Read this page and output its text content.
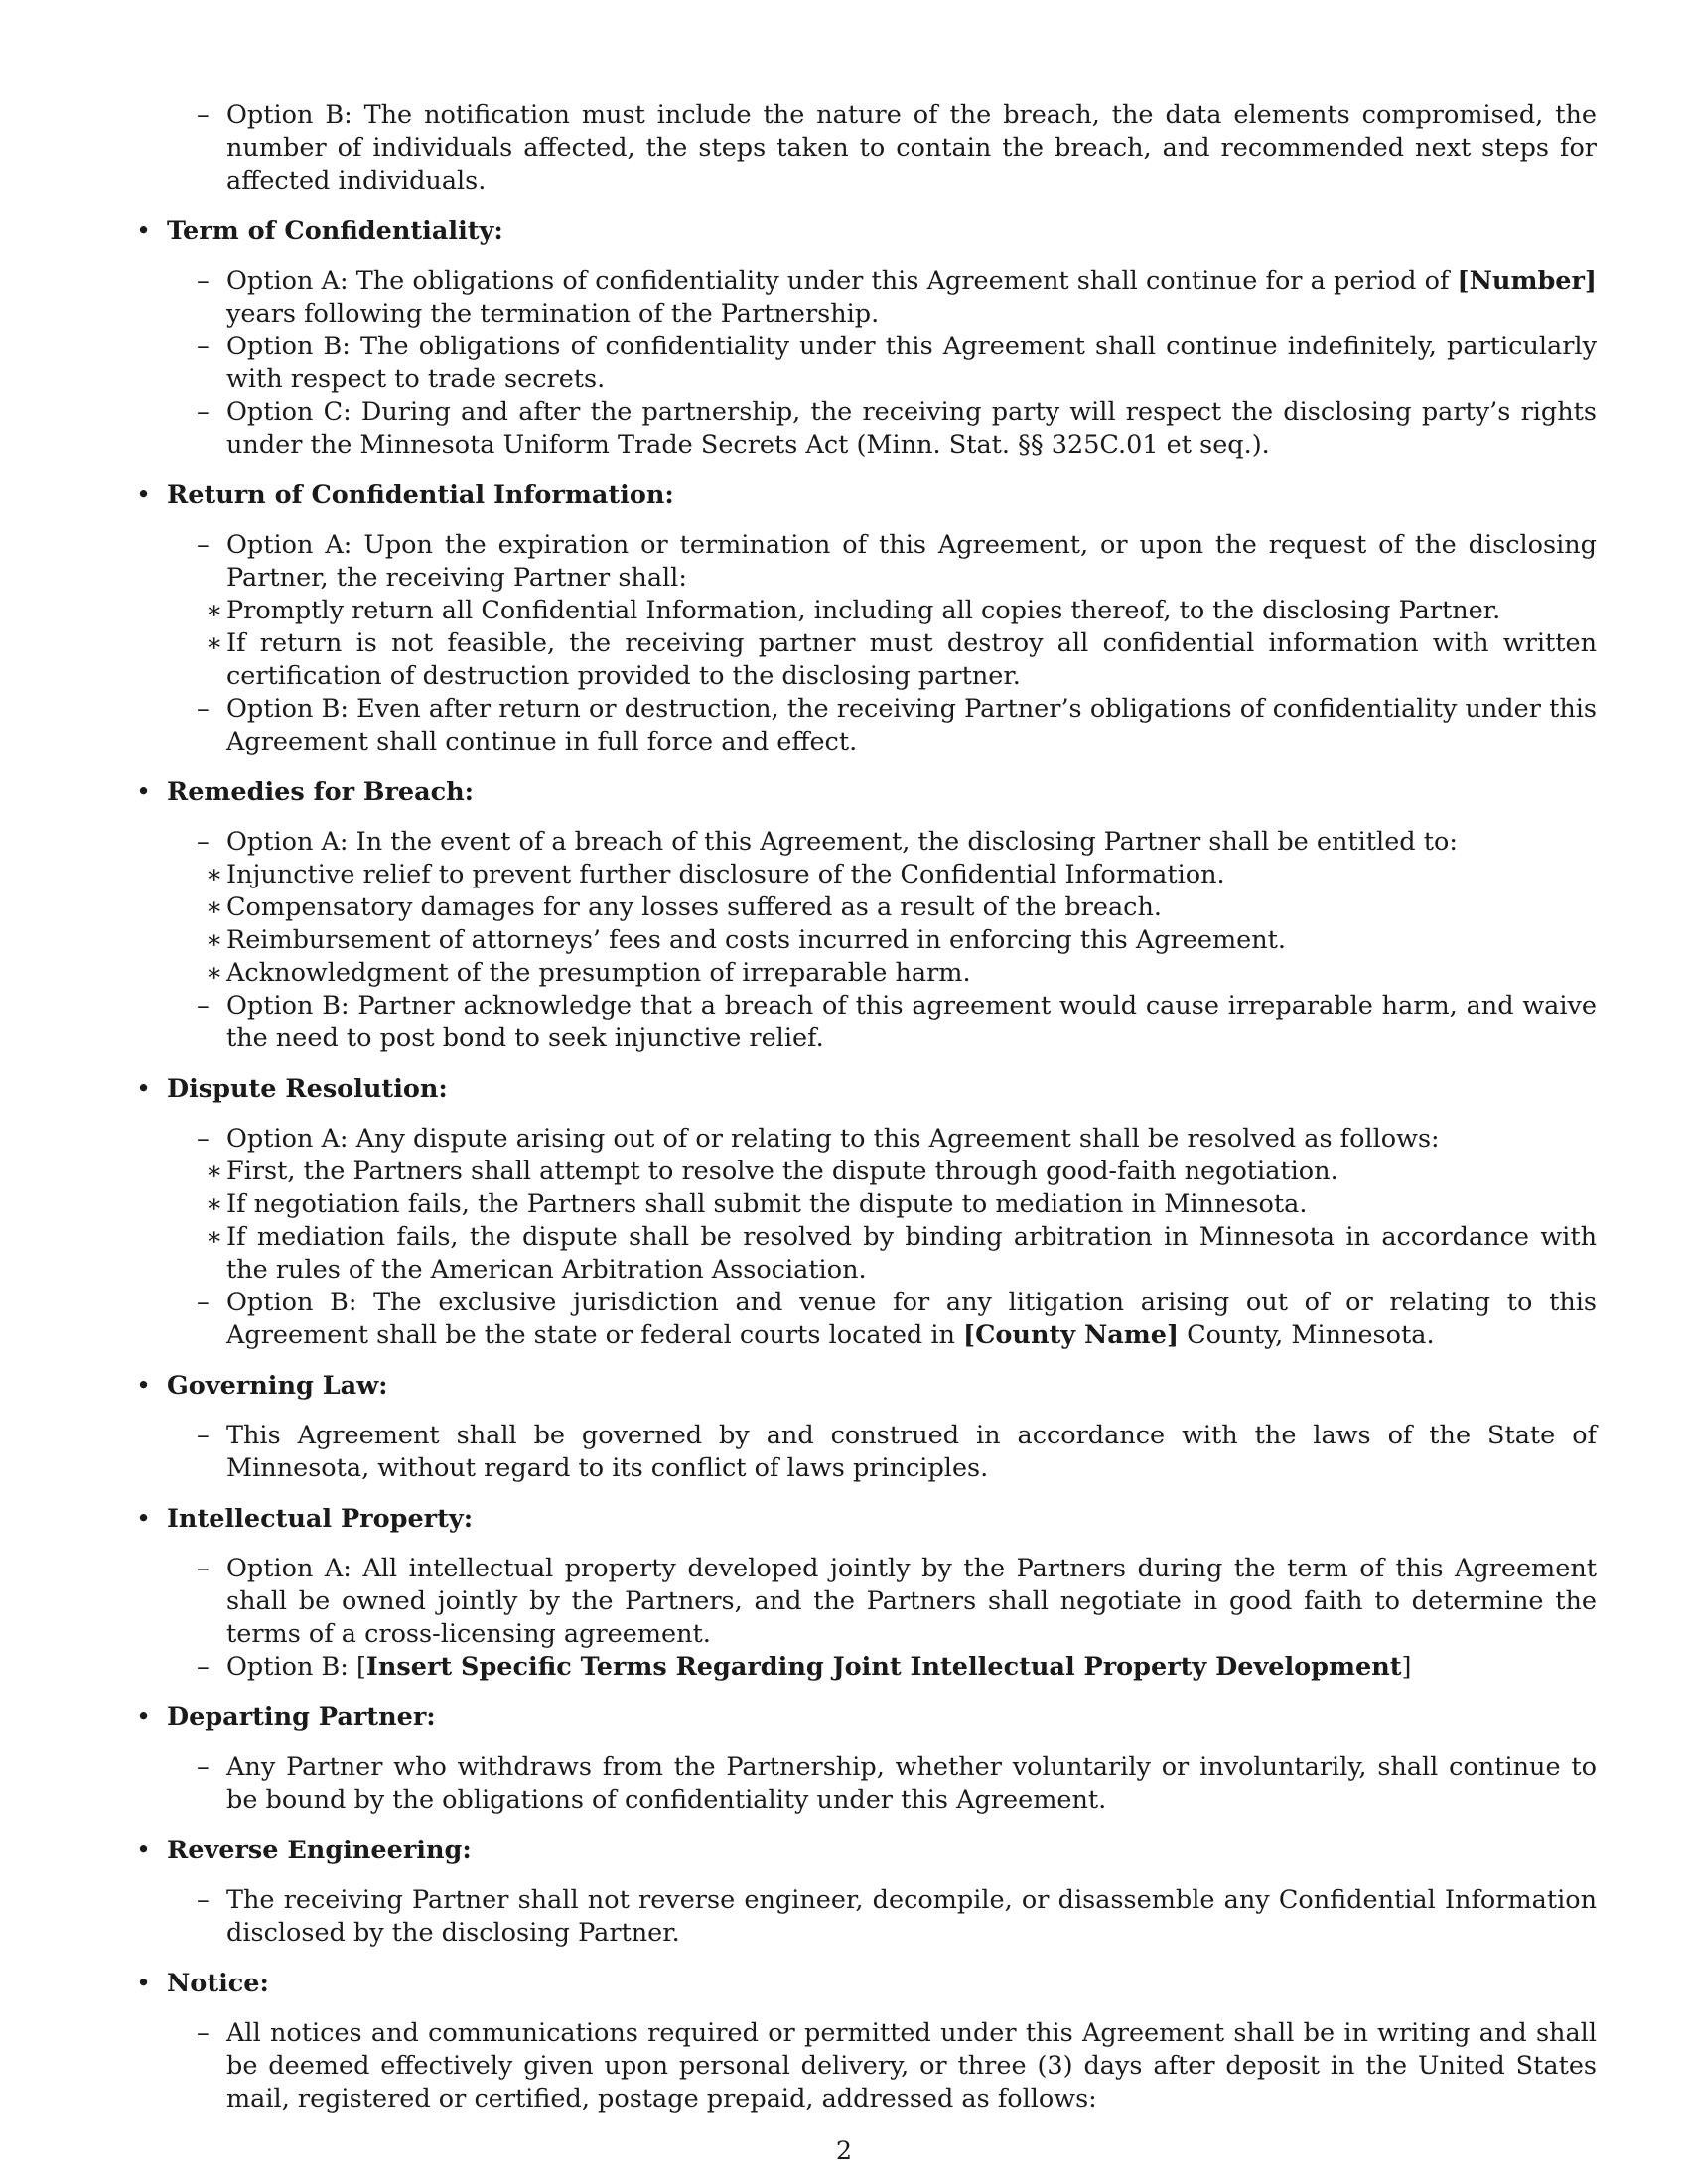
– Option B: The notification must include the nature of the breach, the data elements compromised, the number of individuals affected, the steps taken to contain the breach, and recommended next steps for affected individuals.
Term of Confidentiality:
– Option A: The obligations of confidentiality under this Agreement shall continue for a period of [Number] years following the termination of the Partnership.
– Option B: The obligations of confidentiality under this Agreement shall continue indefinitely, particularly with respect to trade secrets.
– Option C: During and after the partnership, the receiving party will respect the disclosing party’s rights under the Minnesota Uniform Trade Secrets Act (Minn. Stat. §§ 325C.01 et seq.).
Return of Confidential Information:
– Option A: Upon the expiration or termination of this Agreement, or upon the request of the disclosing Partner, the receiving Partner shall:
∗ Promptly return all Confidential Information, including all copies thereof, to the disclosing Partner.
∗ If return is not feasible, the receiving partner must destroy all confidential information with written certification of destruction provided to the disclosing partner.
– Option B: Even after return or destruction, the receiving Partner’s obligations of confidentiality under this Agreement shall continue in full force and effect.
Remedies for Breach:
– Option A: In the event of a breach of this Agreement, the disclosing Partner shall be entitled to:
∗ Injunctive relief to prevent further disclosure of the Confidential Information.
∗ Compensatory damages for any losses suffered as a result of the breach.
∗ Reimbursement of attorneys’ fees and costs incurred in enforcing this Agreement.
∗ Acknowledgment of the presumption of irreparable harm.
– Option B: Partner acknowledge that a breach of this agreement would cause irreparable harm, and waive the need to post bond to seek injunctive relief.
Dispute Resolution:
– Option A: Any dispute arising out of or relating to this Agreement shall be resolved as follows:
∗ First, the Partners shall attempt to resolve the dispute through good-faith negotiation.
∗ If negotiation fails, the Partners shall submit the dispute to mediation in Minnesota.
∗ If mediation fails, the dispute shall be resolved by binding arbitration in Minnesota in accordance with the rules of the American Arbitration Association.
– Option B: The exclusive jurisdiction and venue for any litigation arising out of or relating to this Agreement shall be the state or federal courts located in [County Name] County, Minnesota.
Governing Law:
– This Agreement shall be governed by and construed in accordance with the laws of the State of Minnesota, without regard to its conflict of laws principles.
Intellectual Property:
– Option A: All intellectual property developed jointly by the Partners during the term of this Agreement shall be owned jointly by the Partners, and the Partners shall negotiate in good faith to determine the terms of a cross-licensing agreement.
– Option B: [Insert Specific Terms Regarding Joint Intellectual Property Development]
Departing Partner:
– Any Partner who withdraws from the Partnership, whether voluntarily or involuntarily, shall continue to be bound by the obligations of confidentiality under this Agreement.
Reverse Engineering:
– The receiving Partner shall not reverse engineer, decompile, or disassemble any Confidential Information disclosed by the disclosing Partner.
Notice:
– All notices and communications required or permitted under this Agreement shall be in writing and shall be deemed effectively given upon personal delivery, or three (3) days after deposit in the United States mail, registered or certified, postage prepaid, addressed as follows:
2
